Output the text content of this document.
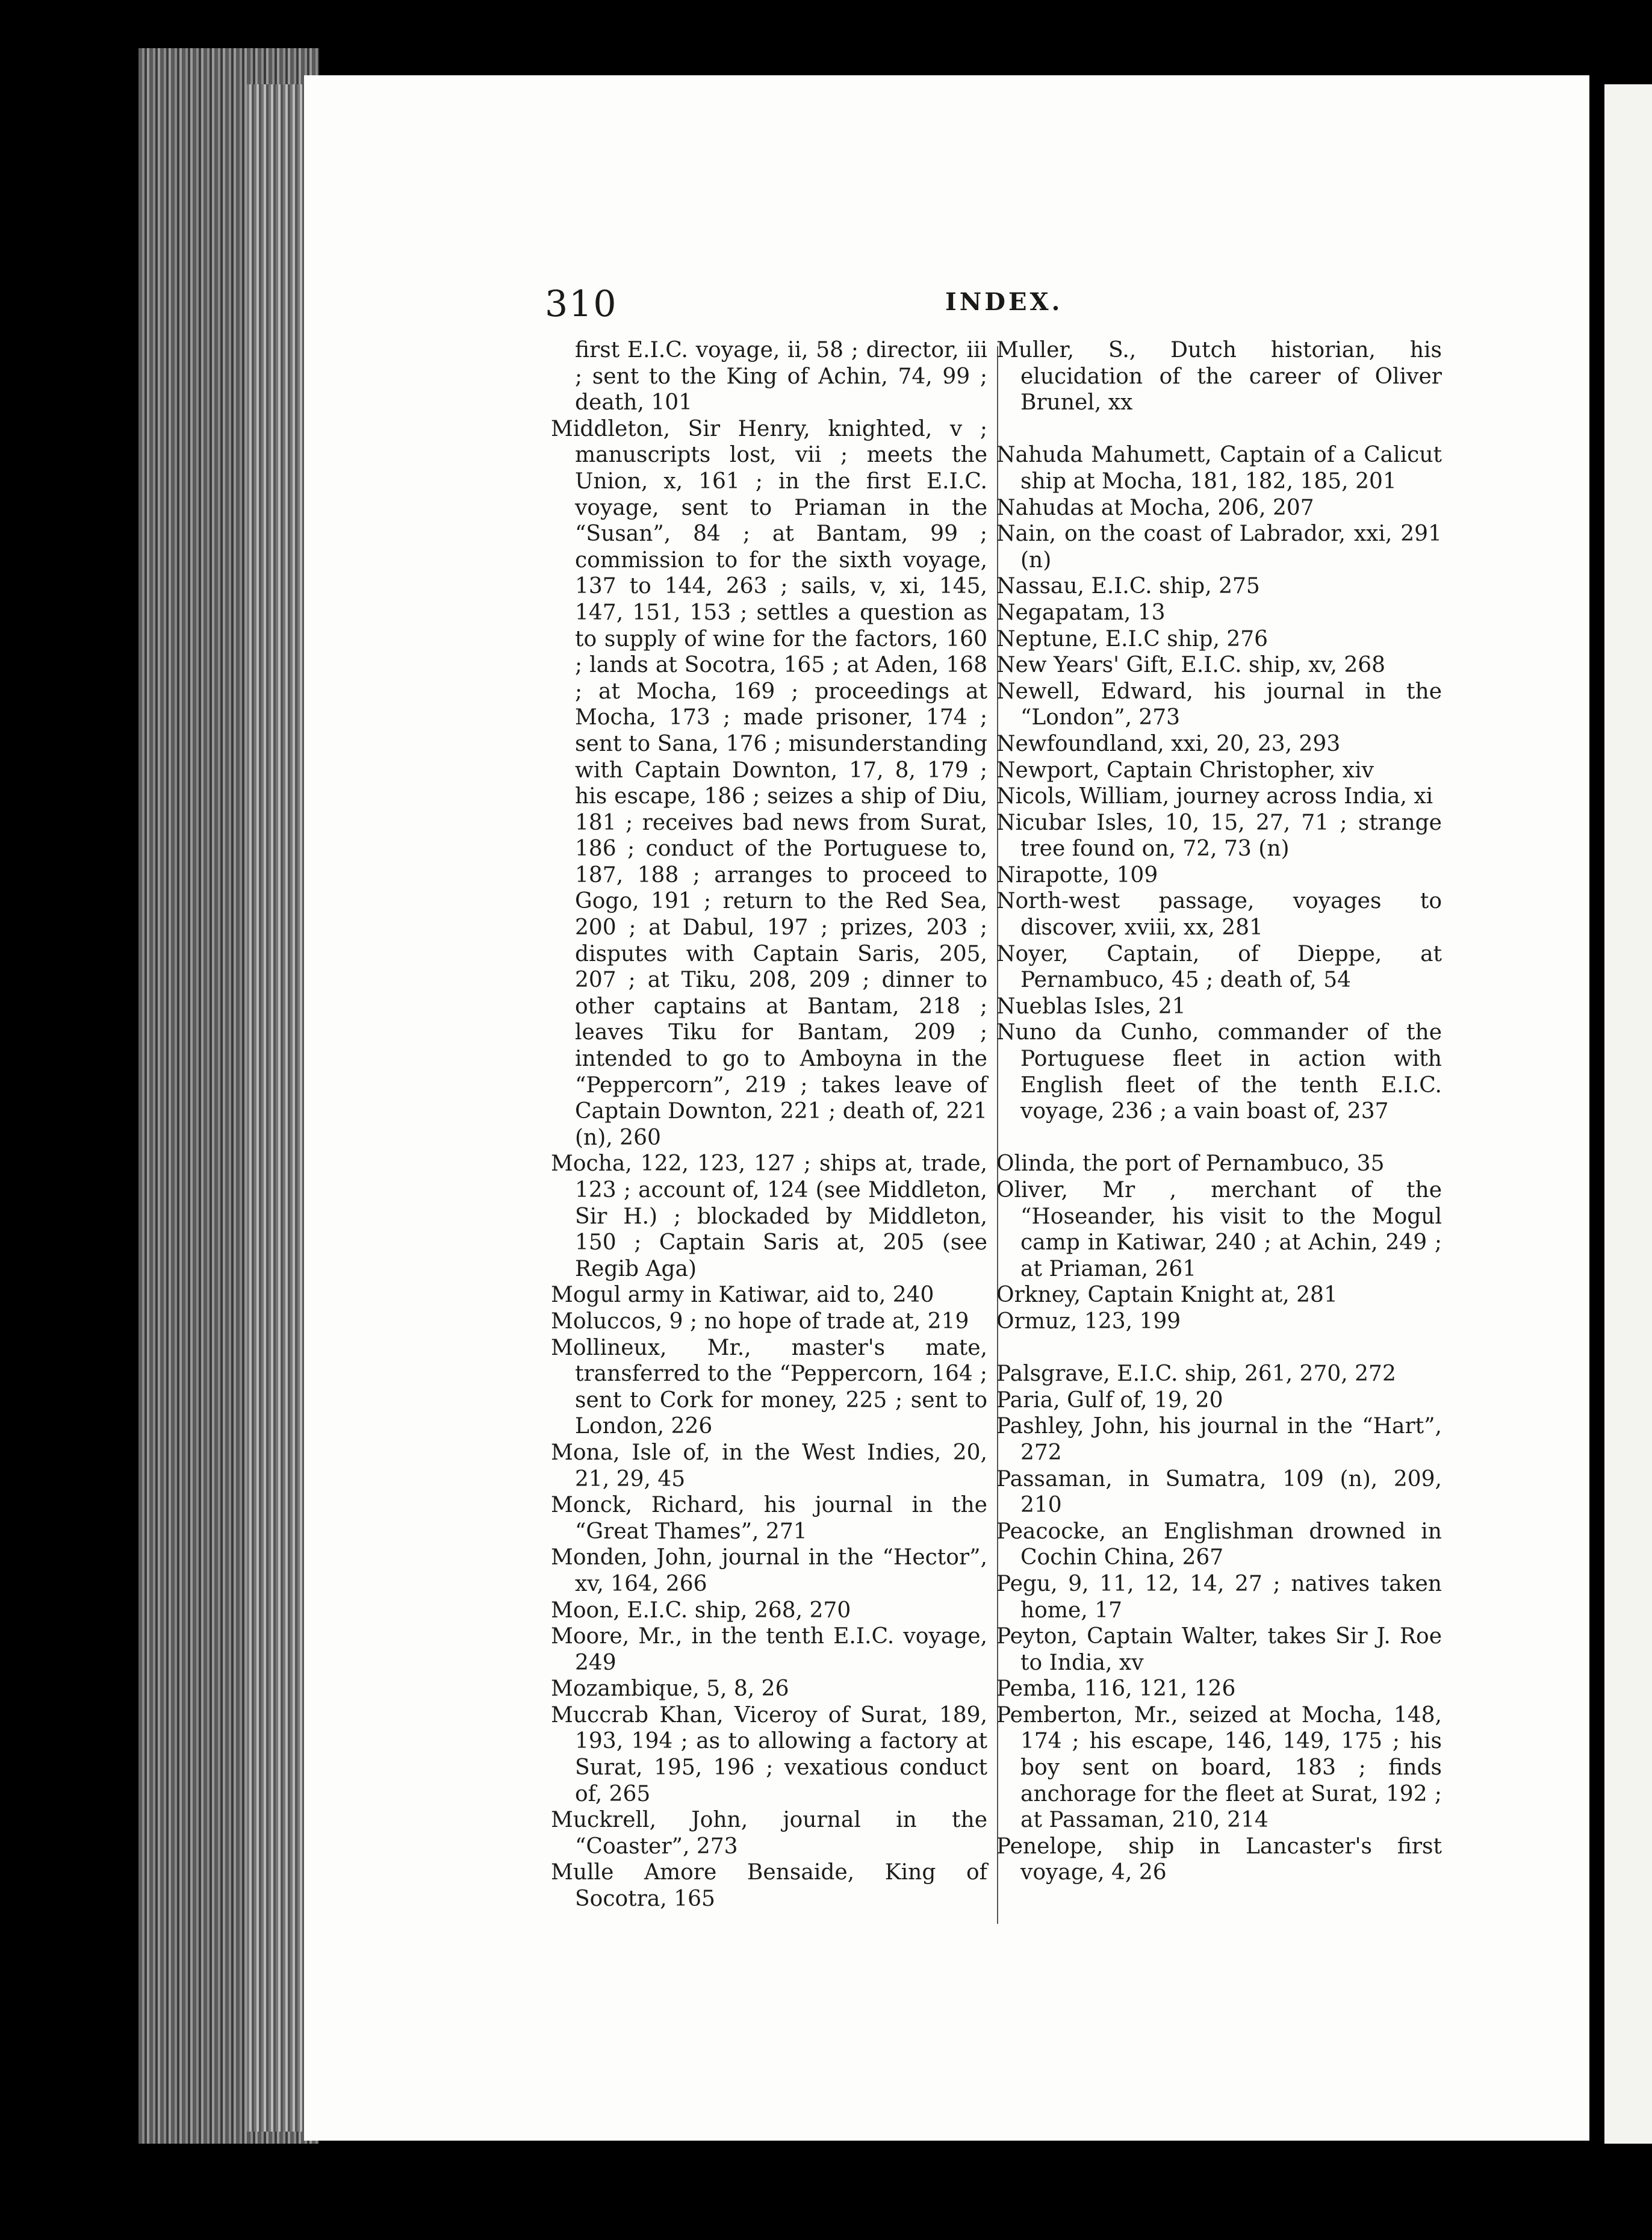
310	INDEX.

first E.I.C. voyage, ii, 58 ; director, iii ; sent to the King of Achin, 74, 99 ; death, 101

Middleton, Sir Henry, knighted, v ; manuscripts lost, vii ; meets the Union, x, 161 ; in the first E.I.C. voyage, sent to Priaman in the “Susan”, 84 ; at Bantam, 99 ; commission to for the sixth voyage, 137 to 144, 263 ; sails, v, xi, 145, 147, 151, 153 ; settles a question as to supply of wine for the factors, 160 ; lands at Socotra, 165 ; at Aden, 168 ; at Mocha, 169 ; proceedings at Mocha, 173 ; made prisoner, 174 ; sent to Sana, 176 ; misunderstanding with Captain Downton, 17, 8, 179 ; his escape, 186 ; seizes a ship of Diu, 181 ; receives bad news from Surat, 186 ; conduct of the Portuguese to, 187, 188 ; arranges to proceed to Gogo, 191 ; return to the Red Sea, 200 ; at Dabul, 197 ; prizes, 203 ; disputes with Captain Saris, 205, 207 ; at Tiku, 208, 209 ; dinner to other captains at Bantam, 218 ; leaves Tiku for Bantam, 209 ; intended to go to Amboyna in the “Peppercorn”, 219 ; takes leave of Captain Downton, 221 ; death of, 221 (n), 260

Mocha, 122, 123, 127 ; ships at, trade, 123 ; account of, 124 (see Middleton, Sir H.) ; blockaded by Middleton, 150 ; Captain Saris at, 205 (see Regib Aga)

Mogul army in Katiwar, aid to, 240

Moluccos, 9 ; no hope of trade at, 219

Mollineux, Mr., master's mate, transferred to the “Peppercorn, 164 ; sent to Cork for money, 225 ; sent to London, 226

Mona, Isle of, in the West Indies, 20, 21, 29, 45

Monck, Richard, his journal in the “Great Thames”, 271

Monden, John, journal in the “Hector”, xv, 164, 266

Moon, E.I.C. ship, 268, 270

Moore, Mr., in the tenth E.I.C. voyage, 249

Mozambique, 5, 8, 26

Muccrab Khan, Viceroy of Surat, 189, 193, 194 ; as to allowing a factory at Surat, 195, 196 ; vexatious conduct of, 265

Muckrell, John, journal in the “Coaster”, 273

Mulle Amore Bensaide, King of Socotra, 165

Muller, S., Dutch historian, his elucidation of the career of Oliver Brunel, xx

Nahuda Mahumett, Captain of a Calicut ship at Mocha, 181, 182, 185, 201

Nahudas at Mocha, 206, 207

Nain, on the coast of Labrador, xxi, 291 (n)

Nassau, E.I.C. ship, 275

Negapatam, 13

Neptune, E.I.C ship, 276

New Years' Gift, E.I.C. ship, xv, 268

Newell, Edward, his journal in the “London”, 273

Newfoundland, xxi, 20, 23, 293

Newport, Captain Christopher, xiv

Nicols, William, journey across India, xi

Nicubar Isles, 10, 15, 27, 71 ; strange tree found on, 72, 73 (n)

Nirapotte, 109

North-west passage, voyages to discover, xviii, xx, 281

Noyer, Captain, of Dieppe, at Pernambuco, 45 ; death of, 54

Nueblas Isles, 21

Nuno da Cunho, commander of the Portuguese fleet in action with English fleet of the tenth E.I.C. voyage, 236 ; a vain boast of, 237

Olinda, the port of Pernambuco, 35

Oliver, Mr , merchant of the “Hoseander, his visit to the Mogul camp in Katiwar, 240 ; at Achin, 249 ; at Priaman, 261

Orkney, Captain Knight at, 281

Ormuz, 123, 199

Palsgrave, E.I.C. ship, 261, 270, 272

Paria, Gulf of, 19, 20

Pashley, John, his journal in the “Hart”, 272

Passaman, in Sumatra, 109 (n), 209, 210

Peacocke, an Englishman drowned in Cochin China, 267

Pegu, 9, 11, 12, 14, 27 ; natives taken home, 17

Peyton, Captain Walter, takes Sir J. Roe to India, xv

Pemba, 116, 121, 126

Pemberton, Mr., seized at Mocha, 148, 174 ; his escape, 146, 149, 175 ; his boy sent on board, 183 ; finds anchorage for the fleet at Surat, 192 ; at Passaman, 210, 214

Penelope, ship in Lancaster's first voyage, 4, 26
